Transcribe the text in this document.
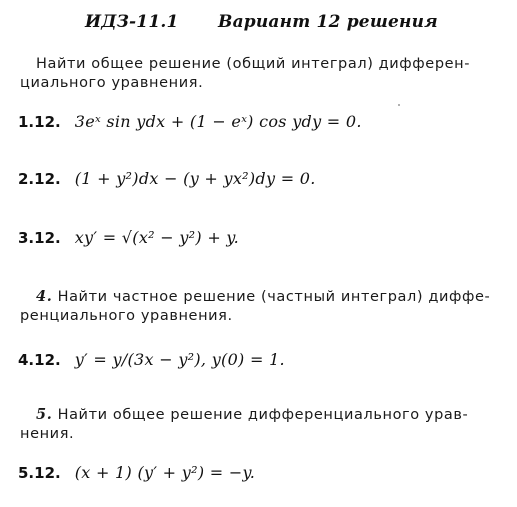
ИДЗ-11.1 Вариант 12 решения
Найти общее решение (общий интеграл) дифферен-
циального уравнения.
1.12. 3eˣ sin ydx + (1 − eˣ) cos ydy = 0.
2.12. (1 + y²)dx − (y + yx²)dy = 0.
3.12. xy′ = √(x² − y²) + y.
4. Найти частное решение (частный интеграл) диффе-
ренциального уравнения.
4.12. y′ = y/(3x − y²), y(0) = 1.
5. Найти общее решение дифференциального урав-
нения.
5.12. (x + 1) (y′ + y²) = −y.
